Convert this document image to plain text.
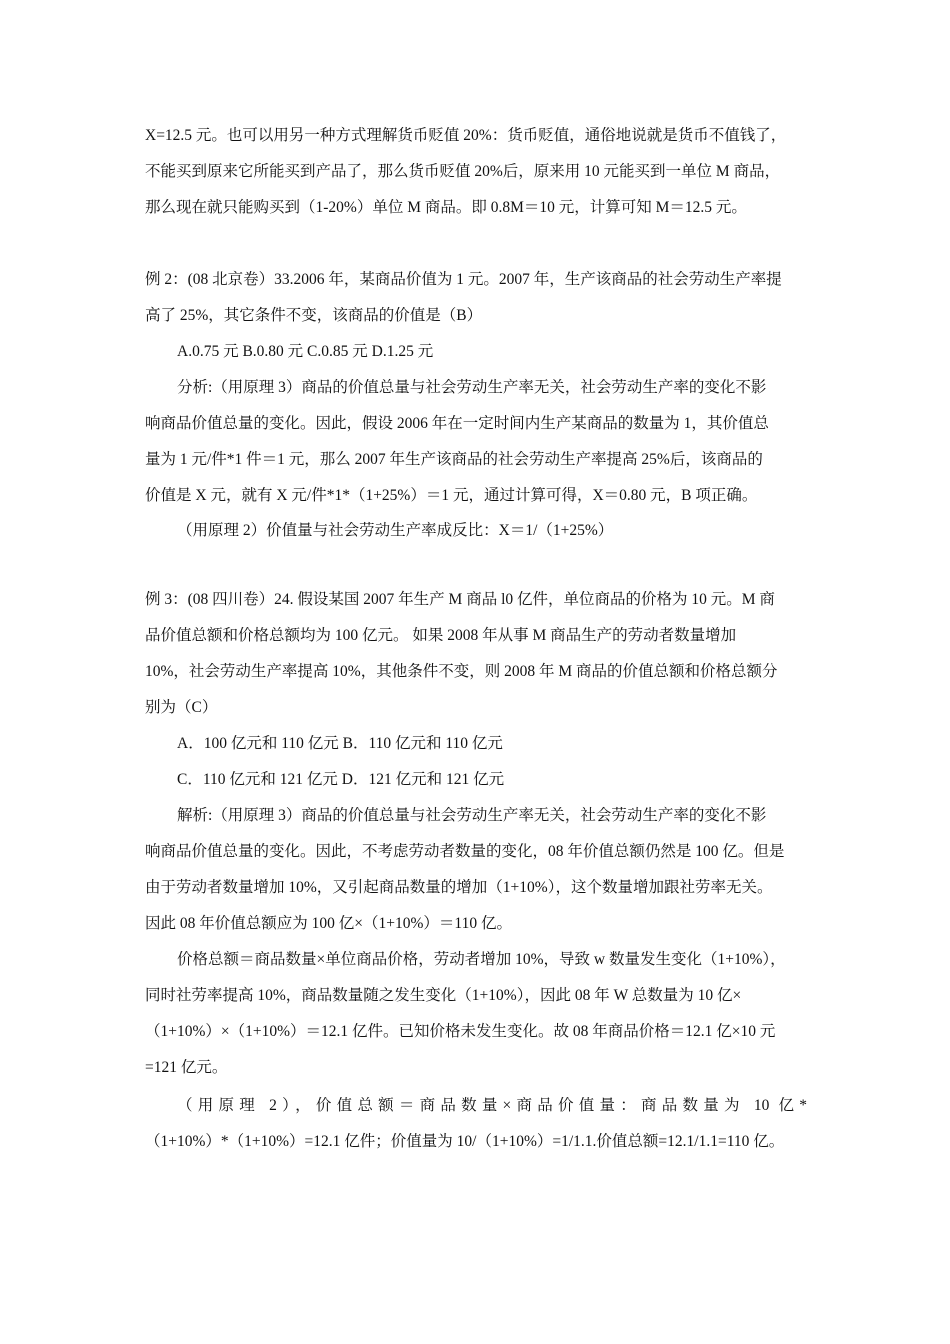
X=12.5 元。也可以用另一种方式理解货币贬值 20%：货币贬值，通俗地说就是货币不值钱了，
不能买到原来它所能买到产品了，那么货币贬值 20%后，原来用 10 元能买到一单位 M 商品，
那么现在就只能购买到（1-20%）单位 M 商品。即 0.8M＝10 元，计算可知 M＝12.5 元。
例 2：(08 北京卷）33.2006 年，某商品价值为 1 元。2007 年，生产该商品的社会劳动生产率提
高了 25%，其它条件不变，该商品的价值是（B）
A.0.75 元 B.0.80 元 C.0.85 元 D.1.25 元
分析:（用原理 3）商品的价值总量与社会劳动生产率无关，社会劳动生产率的变化不影
响商品价值总量的变化。因此，假设 2006 年在一定时间内生产某商品的数量为 1，其价值总
量为 1 元/件*1 件＝1 元，那么 2007 年生产该商品的社会劳动生产率提高 25%后，该商品的
价值是 X 元，就有 X 元/件*1*（1+25%）＝1 元，通过计算可得，X＝0.80 元，B 项正确。
（用原理 2）价值量与社会劳动生产率成反比：X＝1/（1+25%）
例 3：(08 四川卷）24. 假设某国 2007 年生产 M 商品 l0 亿件，单位商品的价格为 10 元。M 商
品价值总额和价格总额均为 100 亿元。 如果 2008 年从事 M 商品生产的劳动者数量增加
10%，社会劳动生产率提高 10%，其他条件不变，则 2008 年 M 商品的价值总额和价格总额分
别为（C）
A．100 亿元和 110 亿元 B．110 亿元和 110 亿元
C．110 亿元和 121 亿元 D．121 亿元和 121 亿元
解析:（用原理 3）商品的价值总量与社会劳动生产率无关，社会劳动生产率的变化不影
响商品价值总量的变化。因此，不考虑劳动者数量的变化，08 年价值总额仍然是 100 亿。但是
由于劳动者数量增加 10%，又引起商品数量的增加（1+10%），这个数量增加跟社劳率无关。
因此 08 年价值总额应为 100 亿×（1+10%）＝110 亿。
价格总额＝商品数量×单位商品价格，劳动者增加 10%，导致 w 数量发生变化（1+10%），
同时社劳率提高 10%，商品数量随之发生变化（1+10%），因此 08 年 W 总数量为 10 亿×
（1+10%）×（1+10%）＝12.1 亿件。已知价格未发生变化。故 08 年商品价格＝12.1 亿×10 元
=121 亿元。
（用原理 2），价值总额＝商品数量×商品价值量：商品数量为 10 亿*
（1+10%）*（1+10%）=12.1 亿件；价值量为 10/（1+10%）=1/1.1.价值总额=12.1/1.1=110 亿。
